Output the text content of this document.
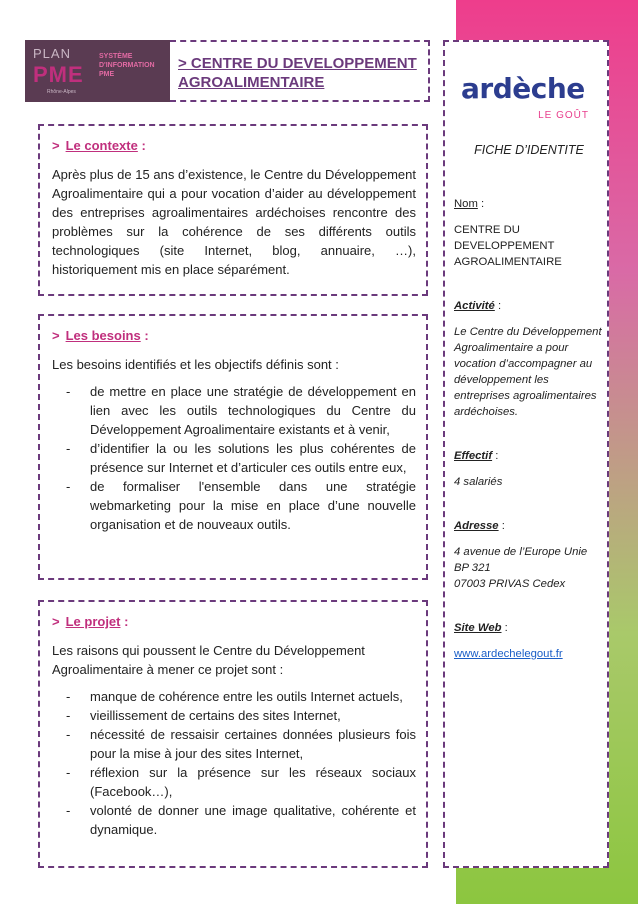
PLAN
PME
Rhône-Alpes
SYSTÈME
D'INFORMATION
PME
> CENTRE DU DEVELOPPEMENT
AGROALIMENTAIRE	ardèche
LE GOÛT
FICHE D’IDENTITE
Nom :
CENTRE DU DEVELOPPEMENT AGROALIMENTAIRE
Activité :
Le Centre du Développement Agroalimentaire a pour vocation d’accompagner au développement les entreprises agroalimentaires ardéchoises.
Effectif :
4 salariés
Adresse :
4 avenue de l’Europe Unie
BP 321
07003 PRIVAS Cedex
Site Web :
www.ardechelegout.fr
> Le contexte :
Après plus de 15 ans d’existence, le Centre du Développement Agroalimentaire qui a pour vocation d’aider au développement des entreprises agroalimentaires ardéchoises rencontre des problèmes sur la cohérence de ses différents outils technologiques (site Internet, blog, annuaire, …), historiquement mis en place séparément.
> Les besoins :
Les besoins identifiés et les objectifs définis sont :
- de mettre en place une stratégie de développement en lien avec les outils technologiques du Centre du Développement Agroalimentaire existants et à venir,
- d’identifier la ou les solutions les plus cohérentes de présence sur Internet et d’articuler ces outils entre eux,
- de formaliser l'ensemble dans une stratégie webmarketing pour la mise en place d’une nouvelle organisation et de nouveaux outils.
> Le projet :
Les raisons qui poussent le Centre du Développement Agroalimentaire à mener ce projet sont :
- manque de cohérence entre les outils Internet actuels,
- vieillissement de certains des sites Internet,
- nécessité de ressaisir certaines données plusieurs fois pour la mise à jour des sites Internet,
- réflexion sur la présence sur les réseaux sociaux (Facebook…),
- volonté de donner une image qualitative, cohérente et dynamique.
